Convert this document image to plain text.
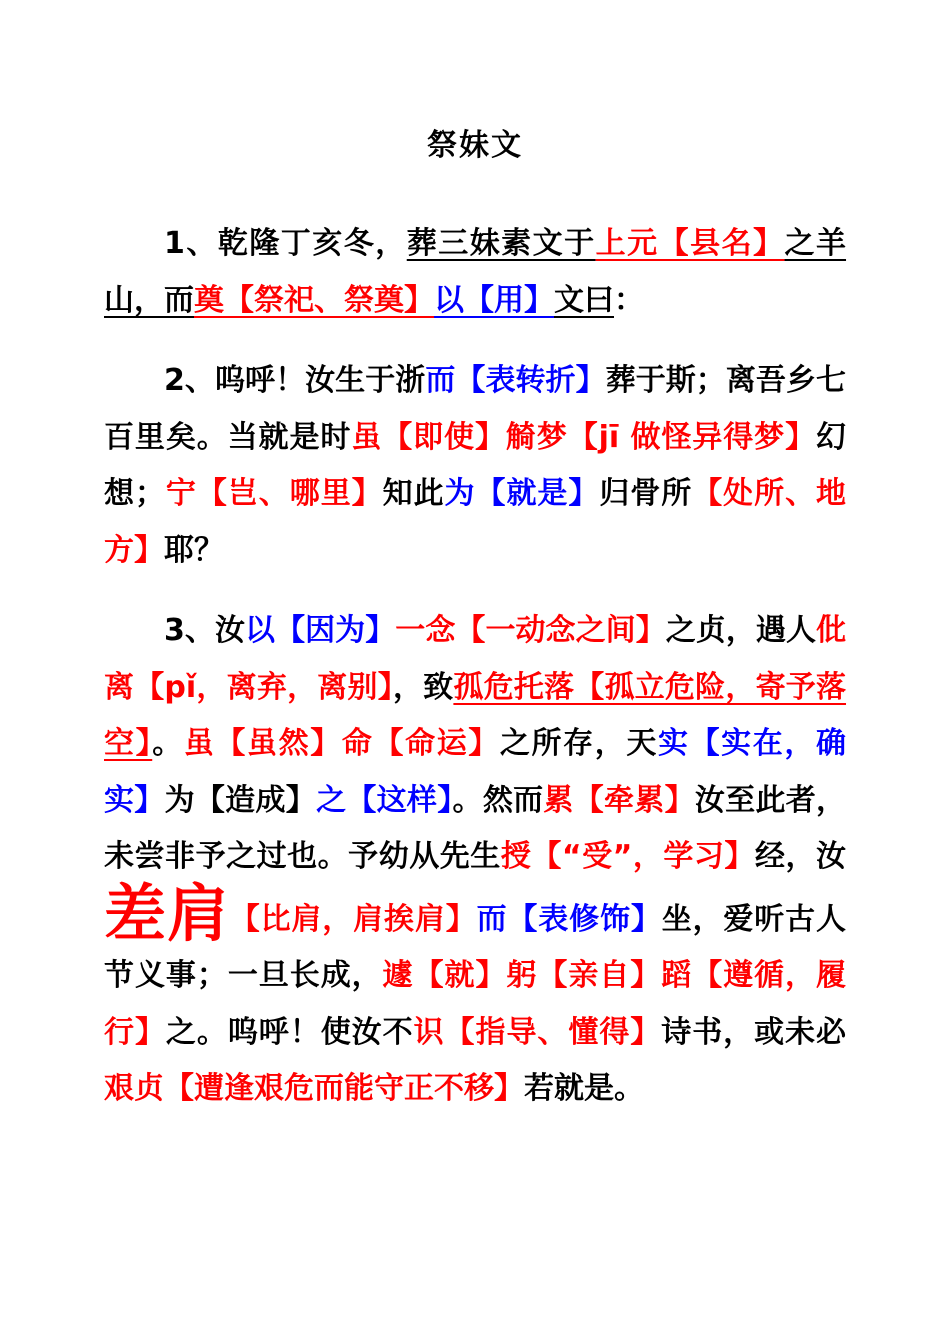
祭妹文

1、乾隆丁亥冬，葬三妹素文于上元【县名】之羊山，而奠【祭祀、祭奠】以【用】文曰：

2、呜呼！汝生于浙而【表转折】葬于斯；离吾乡七百里矣。当就是时虽【即使】觭梦【jī 做怪异得梦】幻想；宁【岂、哪里】知此为【就是】归骨所【处所、地方】耶？

3、汝以【因为】一念【一动念之间】之贞，遇人仳离【pǐ，离弃，离别】，致孤危托落【孤立危险，寄予落空】。虽【虽然】命【命运】之所存，天实【实在，确实】为【造成】之【这样】。然而累【牵累】汝至此者，未尝非予之过也。予幼从先生授【“受”，学习】经，汝差肩【比肩，肩挨肩】而【表修饰】坐，爱听古人节义事；一旦长成，遽【就】躬【亲自】蹈【遵循，履行】之。呜呼！使汝不识【指导、懂得】诗书，或未必艰贞【遭逢艰危而能守正不移】若就是。
